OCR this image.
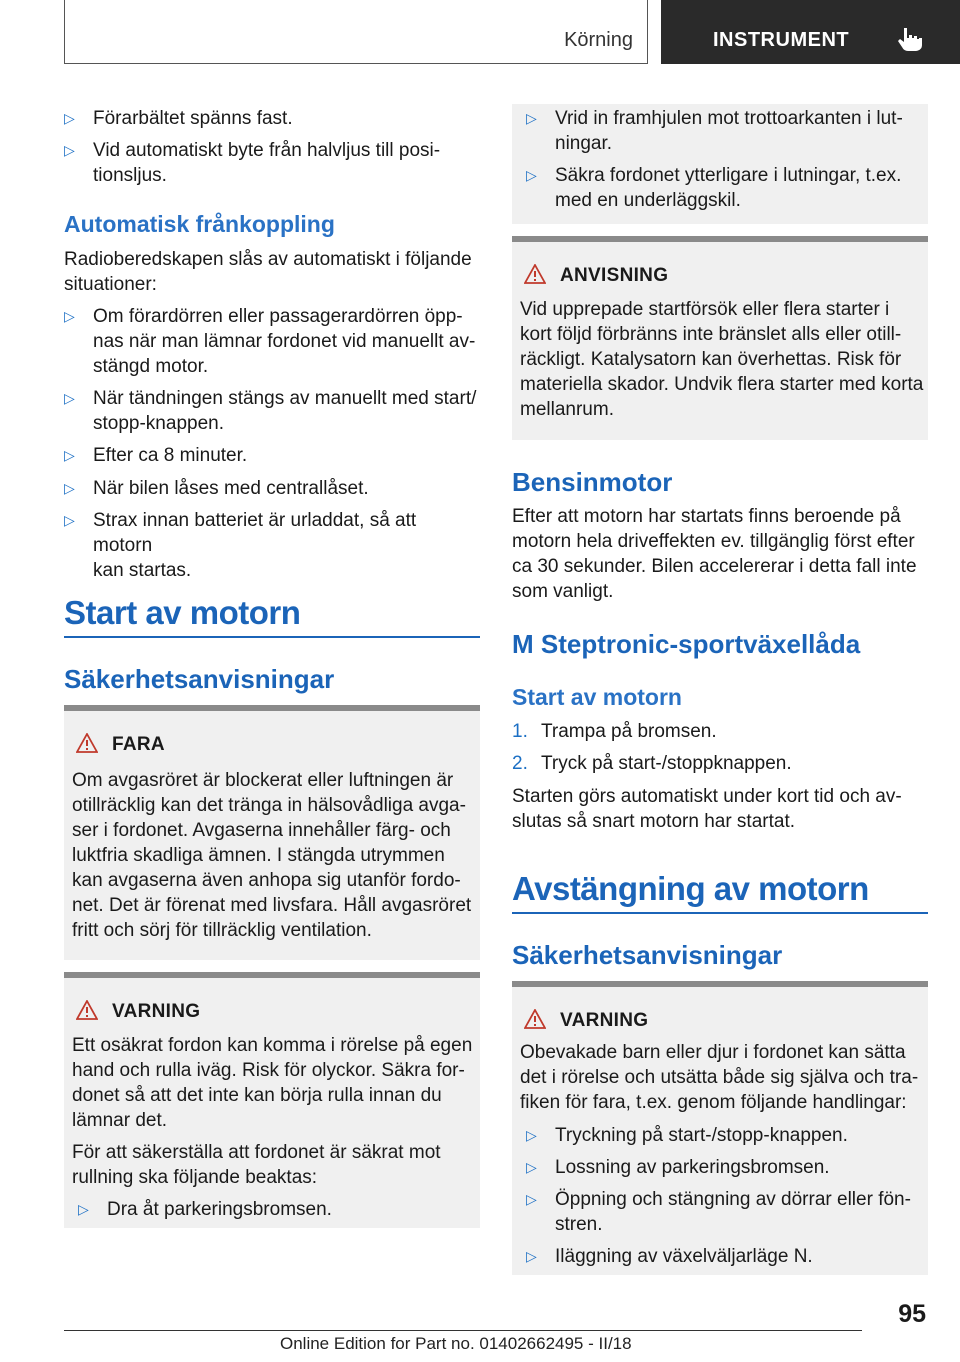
Körning	INSTRUMENT
▷ Förarbältet spänns fast.
▷ Vid automatiskt byte från halvljus till posi-
tionsljus.
Automatisk frånkoppling
Radioberedskapen slås av automatiskt i följande
situationer:
▷ Om förardörren eller passagerardörren öpp-
nas när man lämnar fordonet vid manuellt av-
stängd motor.
▷ När tändningen stängs av manuellt med start/
stopp-knappen.
▷ Efter ca 8 minuter.
▷ När bilen låses med centrallåset.
▷ Strax innan batteriet är urladdat, så att motorn
kan startas.
Start av motorn
Säkerhetsanvisningar
FARA
Om avgasröret är blockerat eller luftningen är
otillräcklig kan det tränga in hälsovådliga avga-
ser i fordonet. Avgaserna innehåller färg- och
luktfria skadliga ämnen. I stängda utrymmen
kan avgaserna även anhopa sig utanför fordo-
net. Det är förenat med livsfara. Håll avgasröret
fritt och sörj för tillräcklig ventilation.
VARNING
Ett osäkrat fordon kan komma i rörelse på egen
hand och rulla iväg. Risk för olyckor. Säkra for-
donet så att det inte kan börja rulla innan du
lämnar det.
För att säkerställa att fordonet är säkrat mot
rullning ska följande beaktas:
▷ Dra åt parkeringsbromsen.
▷ Vrid in framhjulen mot trottoarkanten i lut-
ningar.
▷ Säkra fordonet ytterligare i lutningar, t.ex.
med en underläggskil.
ANVISNING
Vid upprepade startförsök eller flera starter i
kort följd förbränns inte bränslet alls eller otill-
räckligt. Katalysatorn kan överhettas. Risk för
materiella skador. Undvik flera starter med korta
mellanrum.
Bensinmotor
Efter att motorn har startats finns beroende på
motorn hela driveffekten ev. tillgänglig först efter
ca 30 sekunder. Bilen accelererar i detta fall inte
som vanligt.
M Steptronic-sportväxellåda
Start av motorn
1. Trampa på bromsen.
2. Tryck på start-/stoppknappen.
Starten görs automatiskt under kort tid och av-
slutas så snart motorn har startat.
Avstängning av motorn
Säkerhetsanvisningar
VARNING
Obevakade barn eller djur i fordonet kan sätta
det i rörelse och utsätta både sig själva och tra-
fiken för fara, t.ex. genom följande handlingar:
▷ Tryckning på start-/stopp-knappen.
▷ Lossning av parkeringsbromsen.
▷ Öppning och stängning av dörrar eller fön-
stren.
▷ Iläggning av växelväljarläge N.
95
Online Edition for Part no. 01402662495 - II/18
